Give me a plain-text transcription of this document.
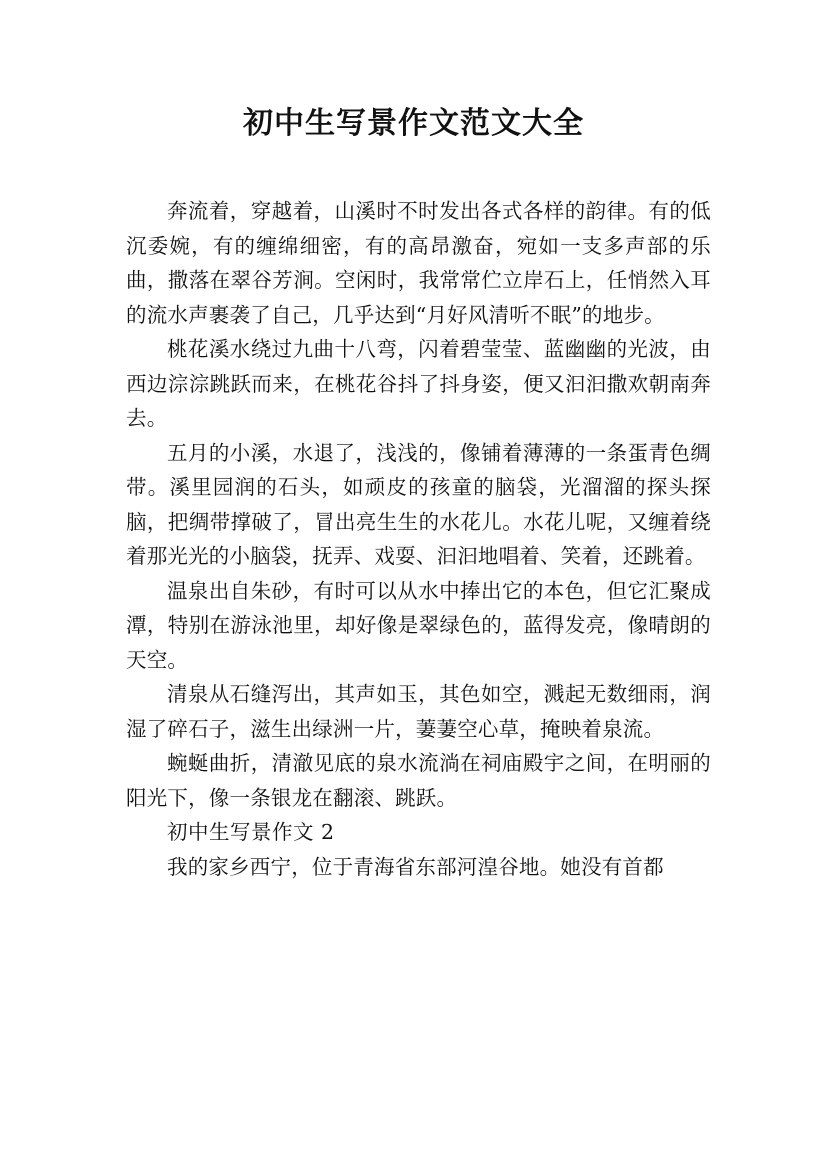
初中生写景作文范文大全

奔流着，穿越着，山溪时不时发出各式各样的韵律。有的低沉委婉，有的缠绵细密，有的高昂激奋，宛如一支多声部的乐曲，撒落在翠谷芳涧。空闲时，我常常伫立岸石上，任悄然入耳的流水声裹袭了自己，几乎达到“月好风清听不眠”的地步。

桃花溪水绕过九曲十八弯，闪着碧莹莹、蓝幽幽的光波，由西边淙淙跳跃而来，在桃花谷抖了抖身姿，便又汩汩撒欢朝南奔去。

五月的小溪，水退了，浅浅的，像铺着薄薄的一条蛋青色绸带。溪里园润的石头，如顽皮的孩童的脑袋，光溜溜的探头探脑，把绸带撑破了，冒出亮生生的水花儿。水花儿呢，又缠着绕着那光光的小脑袋，抚弄、戏耍、汩汩地唱着、笑着，还跳着。

温泉出自朱砂，有时可以从水中捧出它的本色，但它汇聚成潭，特别在游泳池里，却好像是翠绿色的，蓝得发亮，像晴朗的天空。

清泉从石缝泻出，其声如玉，其色如空，溅起无数细雨，润湿了碎石子，滋生出绿洲一片，萋萋空心草，掩映着泉流。

蜿蜒曲折，清澈见底的泉水流淌在祠庙殿宇之间，在明丽的阳光下，像一条银龙在翻滚、跳跃。

初中生写景作文 2

我的家乡西宁，位于青海省东部河湟谷地。她没有首都
